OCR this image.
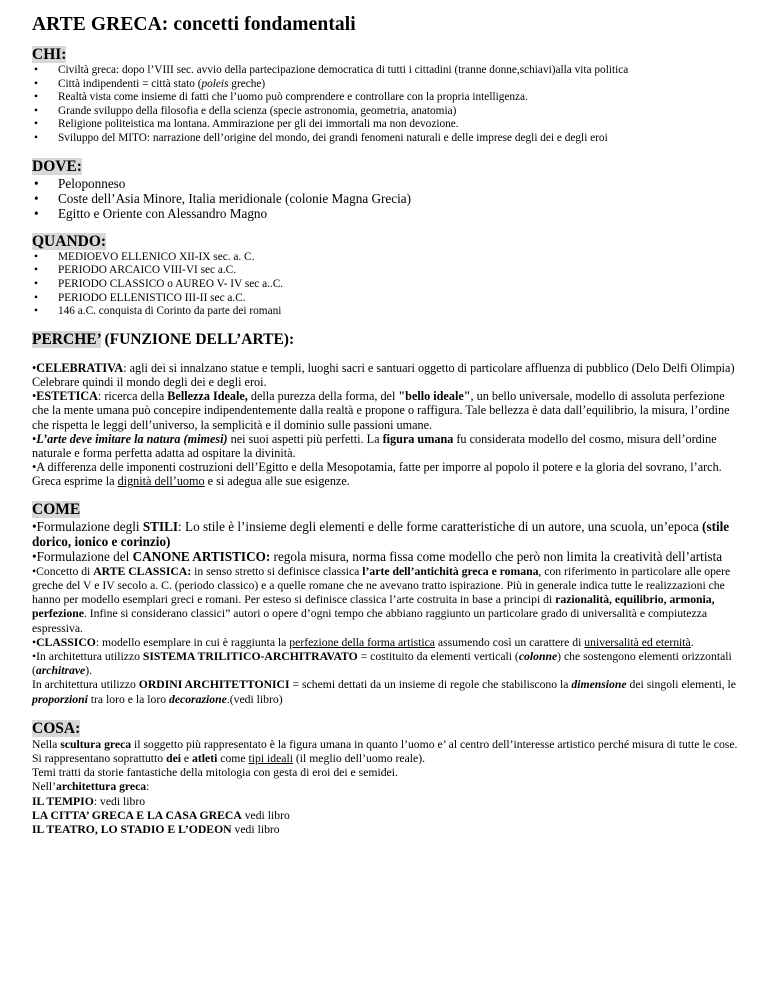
ARTE GRECA: concetti fondamentali
CHI:
• Civiltà greca: dopo l’VIII sec. avvio della partecipazione democratica di tutti i cittadini (tranne donne,schiavi)alla vita politica
• Città indipendenti = città stato (poleis greche)
• Realtà vista come insieme di fatti che l’uomo può comprendere e controllare con la propria intelligenza.
• Grande sviluppo della filosofia e della scienza (specie astronomia, geometria, anatomia)
• Religione politeistica ma lontana. Ammirazione per gli dei immortali ma non devozione.
• Sviluppo del MITO: narrazione dell’origine del mondo, dei grandi fenomeni naturali e delle imprese degli dei e degli eroi
DOVE:
• Peloponneso
• Coste dell’Asia Minore, Italia meridionale (colonie Magna Grecia)
• Egitto e Oriente con Alessandro Magno
QUANDO:
• MEDIOEVO ELLENICO XII-IX sec. a. C.
• PERIODO ARCAICO VIII-VI sec a.C.
• PERIODO CLASSICO o AUREO V- IV sec a..C.
• PERIODO ELLENISTICO III-II sec a.C.
• 146 a.C. conquista di Corinto da parte dei romani
PERCHE’ (FUNZIONE DELL’ARTE):

•CELEBRATIVA: agli dei si innalzano statue e templi, luoghi sacri e santuari oggetto di particolare affluenza di pubblico (Delo Delfi Olimpia) Celebrare quindi il mondo degli dei e degli eroi.

•ESTETICA: ricerca della Bellezza Ideale, della purezza della forma, del "bello ideale", un bello universale, modello di assoluta perfezione che la mente umana può concepire indipendentemente dalla realtà e propone o raffigura. Tale bellezza è data dall’equilibrio, la misura, l’ordine che rispetta le leggi dell’universo, la semplicità e il dominio sulle passioni umane.

•L’arte deve imitare la natura (mimesi) nei suoi aspetti più perfetti. La figura umana fu considerata modello del cosmo, misura dell’ordine naturale e forma perfetta adatta ad ospitare la divinità.

•A differenza delle imponenti costruzioni dell’Egitto e della Mesopotamia, fatte per imporre al popolo il potere e la gloria del sovrano, l’arch. Greca esprime la dignità dell’uomo e si adegua alle sue esigenze.

COME

•Formulazione degli STILI: Lo stile è l’insieme degli elementi e delle forme caratteristiche di un autore, una scuola, un’epoca (stile dorico, ionico e corinzio)

•Formulazione del CANONE ARTISTICO: regola misura, norma fissa come modello che però non limita la creatività dell’artista

•Concetto di ARTE CLASSICA: in senso stretto si definisce classica l’arte dell’antichità greca e romana, con riferimento in particolare alle opere greche del V e IV secolo a. C. (periodo classico) e a quelle romane che ne avevano tratto ispirazione. Più in generale indica tutte le realizzazioni che hanno per modello esemplari greci e romani. Per esteso si definisce classica l’arte costruita in base a principi di razionalità, equilibrio, armonia, perfezione. Infine si considerano classici” autori o opere d’ogni tempo che abbiano raggiunto un particolare grado di universalità e compiutezza espressiva.

•CLASSICO: modello esemplare in cui è raggiunta la perfezione della forma artistica assumendo così un carattere di universalità ed eternità.

•In architettura utilizzo SISTEMA TRILITICO-ARCHITRAVATO = costituito da elementi verticali (colonne) che sostengono elementi orizzontali (architrave).

In architettura utilizzo ORDINI ARCHITETTONICI = schemi dettati da un insieme di regole che stabiliscono la dimensione dei singoli elementi, le proporzioni tra loro e la loro decorazione.(vedi libro)

COSA:

Nella scultura greca il soggetto più rappresentato è la figura umana in quanto l’uomo e’ al centro dell’interesse artistico perché misura di tutte le cose. Si rappresentano soprattutto dei e atleti come tipi ideali (il meglio dell’uomo reale).

Temi tratti da storie fantastiche della mitologia con gesta di eroi dei e semidei.

Nell’architettura greca:

IL TEMPIO: vedi libro

LA CITTA’ GRECA E LA CASA GRECA vedi libro

IL TEATRO, LO STADIO E L’ODEON vedi libro
